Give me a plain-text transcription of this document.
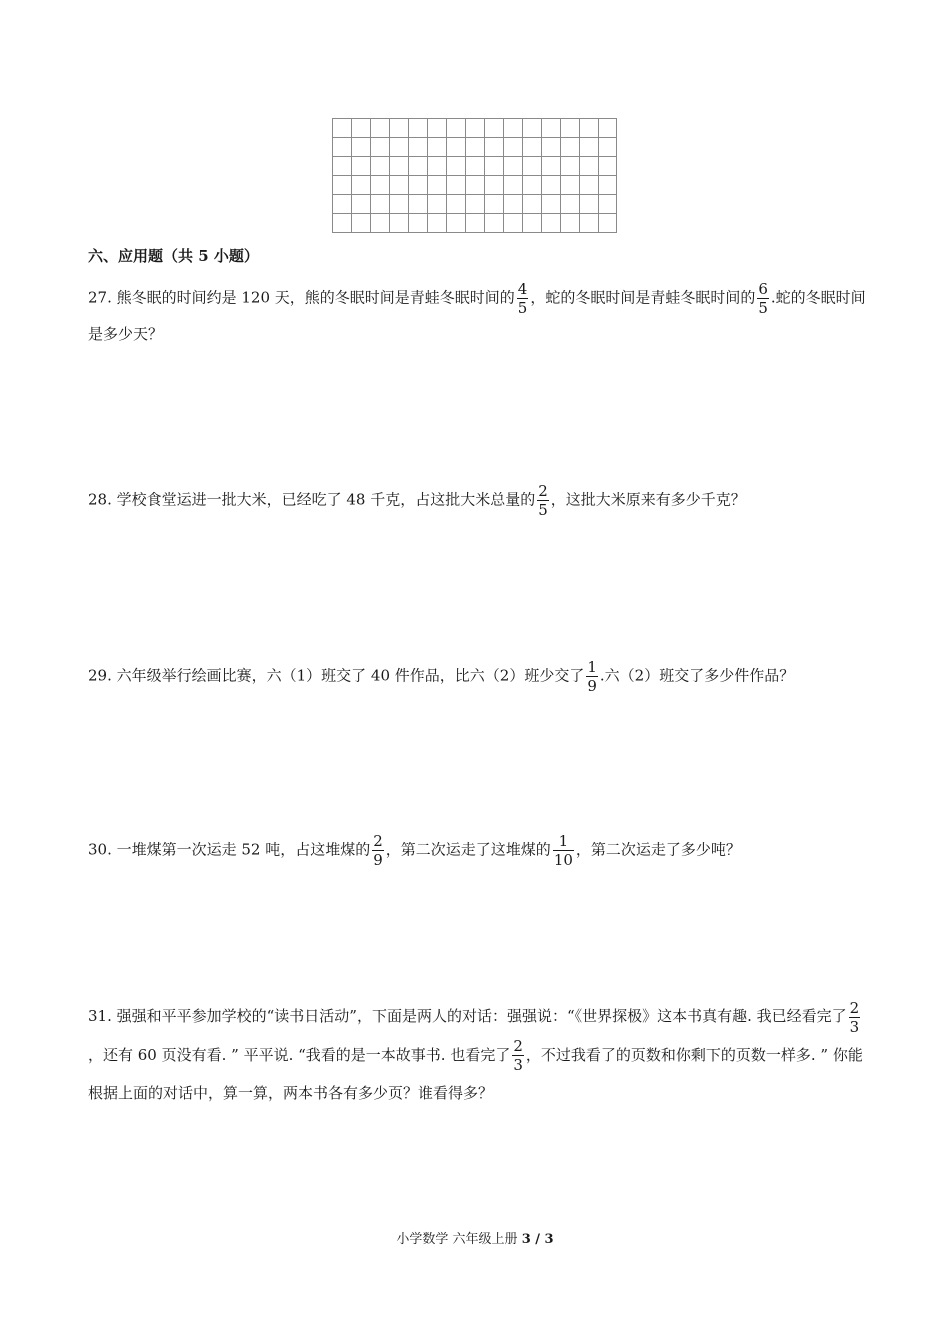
六、应用题（共 5 小题）
27. 熊冬眠的时间约是 120 天，熊的冬眠时间是青蛙冬眠时间的 $\frac{4}{5}$ ，蛇的冬眠时间是青蛙冬眠时间的 $\frac{6}{5}$ .蛇的冬眠时间是多少天？
28. 学校食堂运进一批大米，已经吃了 48 千克，占这批大米总量的 $\frac{2}{5}$ ，这批大米原来有多少千克？
29. 六年级举行绘画比赛，六（1）班交了 40 件作品，比六（2）班少交了 $\frac{1}{9}$ .六（2）班交了多少件作品？
30. 一堆煤第一次运走 52 吨，占这堆煤的 $\frac{2}{9}$ ，第二次运走了这堆煤的 $\frac{1}{10}$ ，第二次运走了多少吨？
31. 强强和平平参加学校的“读书日活动”，下面是两人的对话：强强说：“《世界探极》这本书真有趣. 我已经看完了 $\frac{2}{3}$
，还有 60 页没有看. ” 平平说. “我看的是一本故事书. 也看完了 $\frac{2}{3}$ ，不过我看了的页数和你剩下的页数一样多. ” 你能根据上面的对话中，算一算，两本书各有多少页？谁看得多？
小学数学 六年级上册 3 / 3
